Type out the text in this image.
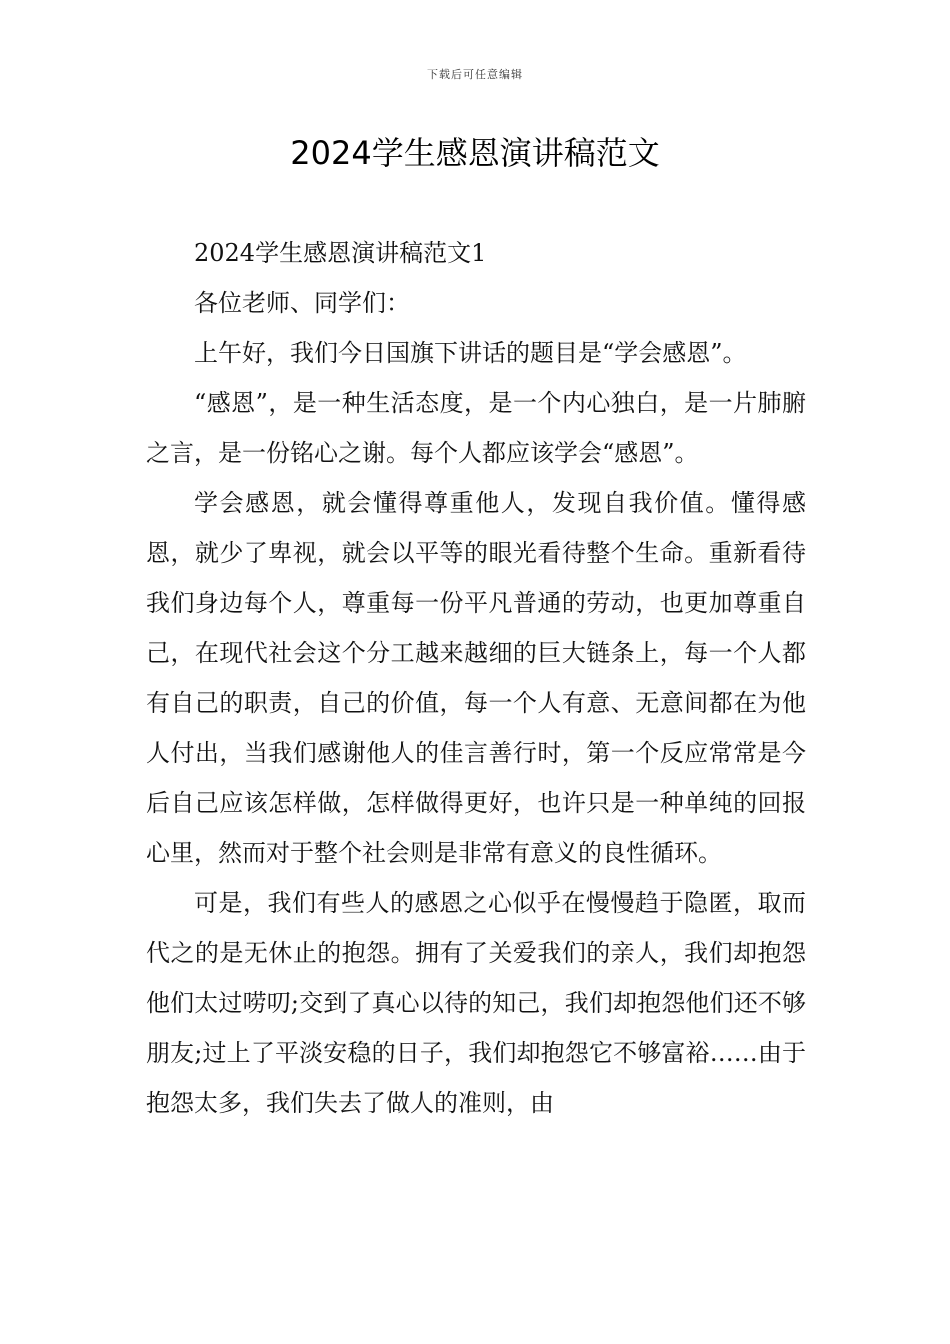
下载后可任意编辑
2024学生感恩演讲稿范文

2024学生感恩演讲稿范文1

各位老师、同学们：

上午好，我们今日国旗下讲话的题目是“学会感恩”。

“感恩”，是一种生活态度，是一个内心独白，是一片肺腑之言，是一份铭心之谢。每个人都应该学会“感恩”。

学会感恩，就会懂得尊重他人，发现自我价值。懂得感恩，就少了卑视，就会以平等的眼光看待整个生命。重新看待我们身边每个人，尊重每一份平凡普通的劳动，也更加尊重自己，在现代社会这个分工越来越细的巨大链条上，每一个人都有自己的职责，自己的价值，每一个人有意、无意间都在为他人付出，当我们感谢他人的佳言善行时，第一个反应常常是今后自己应该怎样做，怎样做得更好，也许只是一种单纯的回报心里，然而对于整个社会则是非常有意义的良性循环。

可是，我们有些人的感恩之心似乎在慢慢趋于隐匿，取而代之的是无休止的抱怨。拥有了关爱我们的亲人，我们却抱怨他们太过唠叨;交到了真心以待的知己，我们却抱怨他们还不够朋友;过上了平淡安稳的日子，我们却抱怨它不够富裕……由于抱怨太多，我们失去了做人的准则，由
